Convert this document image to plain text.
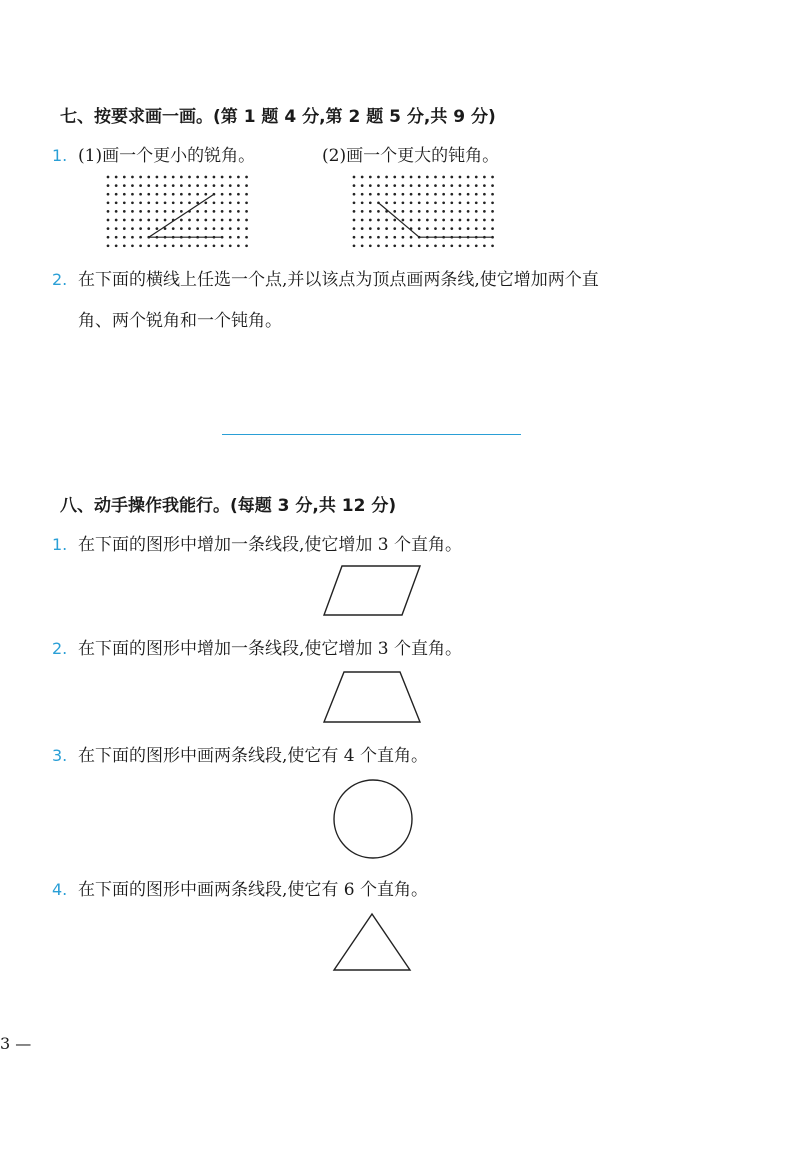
七、按要求画一画。(第 1 题 4 分,第 2 题 5 分,共 9 分)
1. (1)画一个更小的锐角。	(2)画一个更大的钝角。
2. 在下面的横线上任选一个点,并以该点为顶点画两条线,使它增加两个直
角、两个锐角和一个钝角。
八、动手操作我能行。(每题 3 分,共 12 分)
1. 在下面的图形中增加一条线段,使它增加 3 个直角。
2. 在下面的图形中增加一条线段,使它增加 3 个直角。
3. 在下面的图形中画两条线段,使它有 4 个直角。
4. 在下面的图形中画两条线段,使它有 6 个直角。
3 —
